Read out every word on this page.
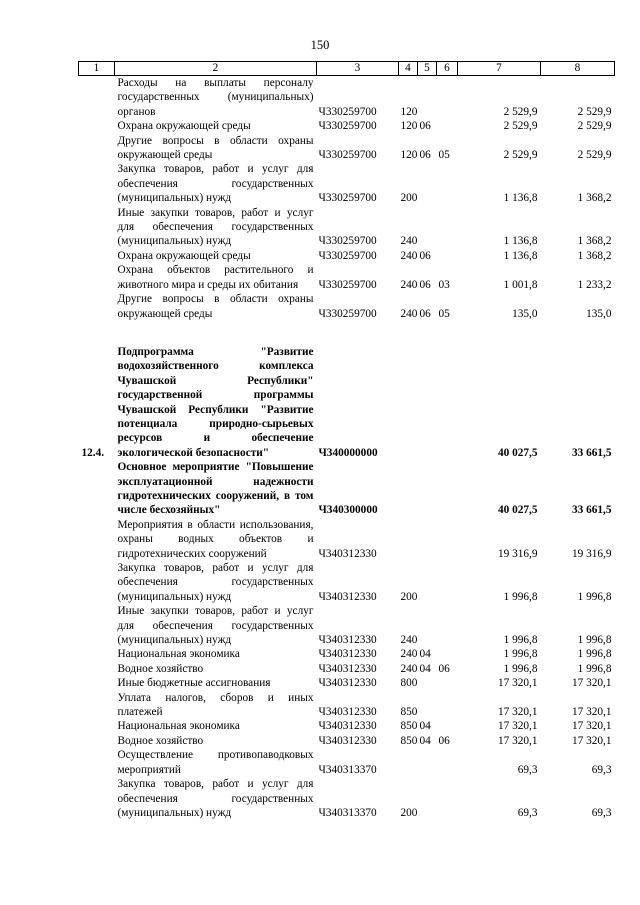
150
1	2	3	4	5	6	7	8
	Расходы на выплаты персоналу государственных (муниципальных) органов	Ч330259700	120			2 529,9	2 529,9
	Охрана окружающей среды	Ч330259700	120	06		2 529,9	2 529,9
	Другие вопросы в области охраны окружающей среды	Ч330259700	120	06	05	2 529,9	2 529,9
	Закупка товаров, работ и услуг для обеспечения государственных (муниципальных) нужд	Ч330259700	200			1 136,8	1 368,2
	Иные закупки товаров, работ и услуг для обеспечения государственных (муниципальных) нужд	Ч330259700	240			1 136,8	1 368,2
	Охрана окружающей среды	Ч330259700	240	06		1 136,8	1 368,2
	Охрана объектов растительного и животного мира и среды их обитания	Ч330259700	240	06	03	1 001,8	1 233,2
	Другие вопросы в области охраны окружающей среды	Ч330259700	240	06	05	135,0	135,0

12.4.	Подпрограмма "Развитие водохозяйственного комплекса Чувашской Республики" государственной программы Чувашской Республики "Развитие потенциала природно-сырьевых ресурсов и обеспечение экологической безопасности"	Ч340000000				40 027,5	33 661,5
	Основное мероприятие "Повышение эксплуатационной надежности гидротехнических сооружений, в том числе бесхозяйных"	Ч340300000				40 027,5	33 661,5
	Мероприятия в области использования, охраны водных объектов и гидротехнических сооружений	Ч340312330				19 316,9	19 316,9
	Закупка товаров, работ и услуг для обеспечения государственных (муниципальных) нужд	Ч340312330	200			1 996,8	1 996,8
	Иные закупки товаров, работ и услуг для обеспечения государственных (муниципальных) нужд	Ч340312330	240			1 996,8	1 996,8
	Национальная экономика	Ч340312330	240	04		1 996,8	1 996,8
	Водное хозяйство	Ч340312330	240	04	06	1 996,8	1 996,8
	Иные бюджетные ассигнования	Ч340312330	800			17 320,1	17 320,1
	Уплата налогов, сборов и иных платежей	Ч340312330	850			17 320,1	17 320,1
	Национальная экономика	Ч340312330	850	04		17 320,1	17 320,1
	Водное хозяйство	Ч340312330	850	04	06	17 320,1	17 320,1
	Осуществление противопаводковых мероприятий	Ч340313370				69,3	69,3
	Закупка товаров, работ и услуг для обеспечения государственных (муниципальных) нужд	Ч340313370	200			69,3	69,3
